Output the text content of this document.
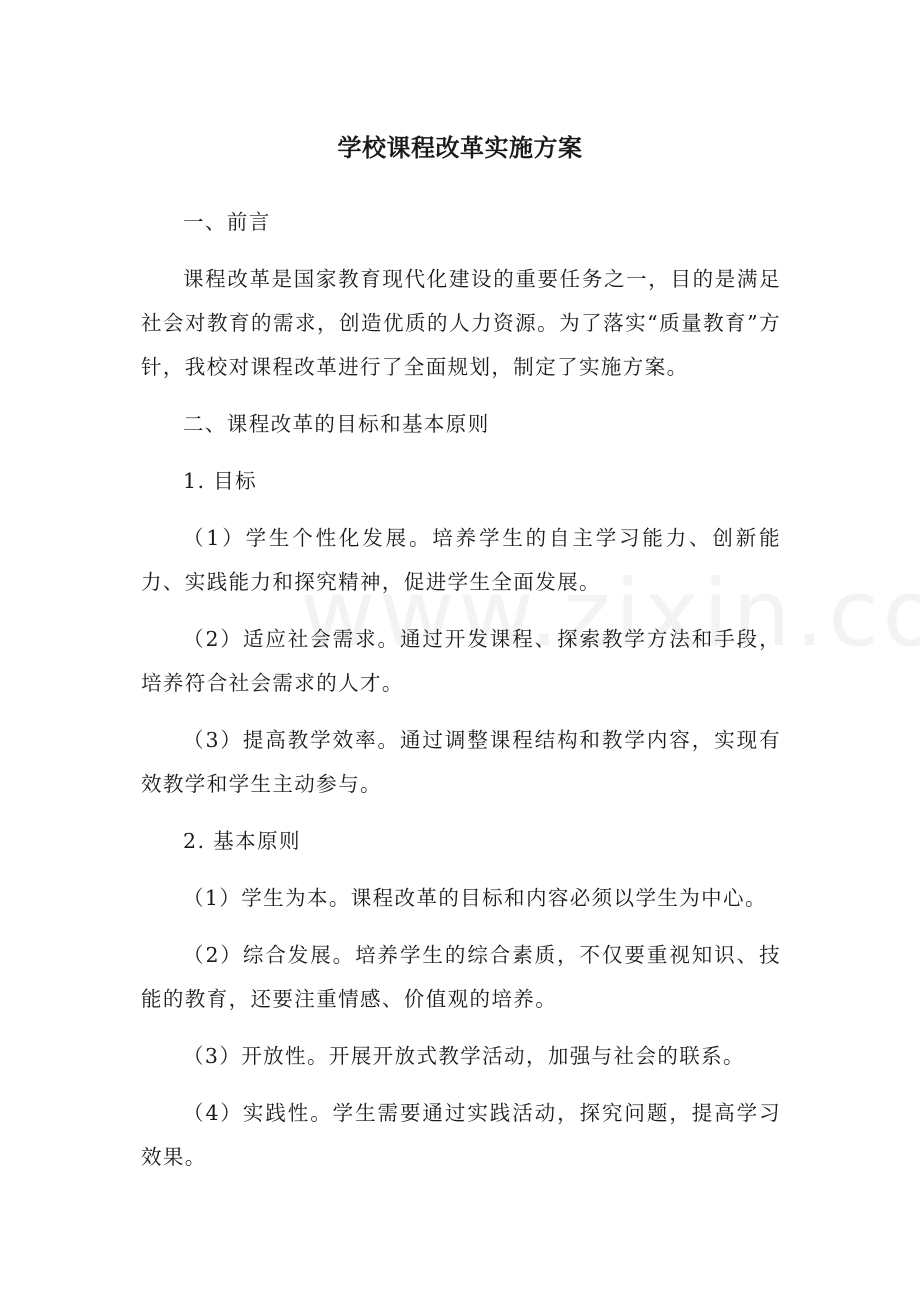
学校课程改革实施方案

一、前言

课程改革是国家教育现代化建设的重要任务之一，目的是满足社会对教育的需求，创造优质的人力资源。为了落实“质量教育”方针，我校对课程改革进行了全面规划，制定了实施方案。

二、课程改革的目标和基本原则

1. 目标

（1）学生个性化发展。培养学生的自主学习能力、创新能力、实践能力和探究精神，促进学生全面发展。

（2）适应社会需求。通过开发课程、探索教学方法和手段，培养符合社会需求的人才。

（3）提高教学效率。通过调整课程结构和教学内容，实现有效教学和学生主动参与。

2. 基本原则

（1）学生为本。课程改革的目标和内容必须以学生为中心。

（2）综合发展。培养学生的综合素质，不仅要重视知识、技能的教育，还要注重情感、价值观的培养。

（3）开放性。开展开放式教学活动，加强与社会的联系。

（4）实践性。学生需要通过实践活动，探究问题，提高学习效果。
